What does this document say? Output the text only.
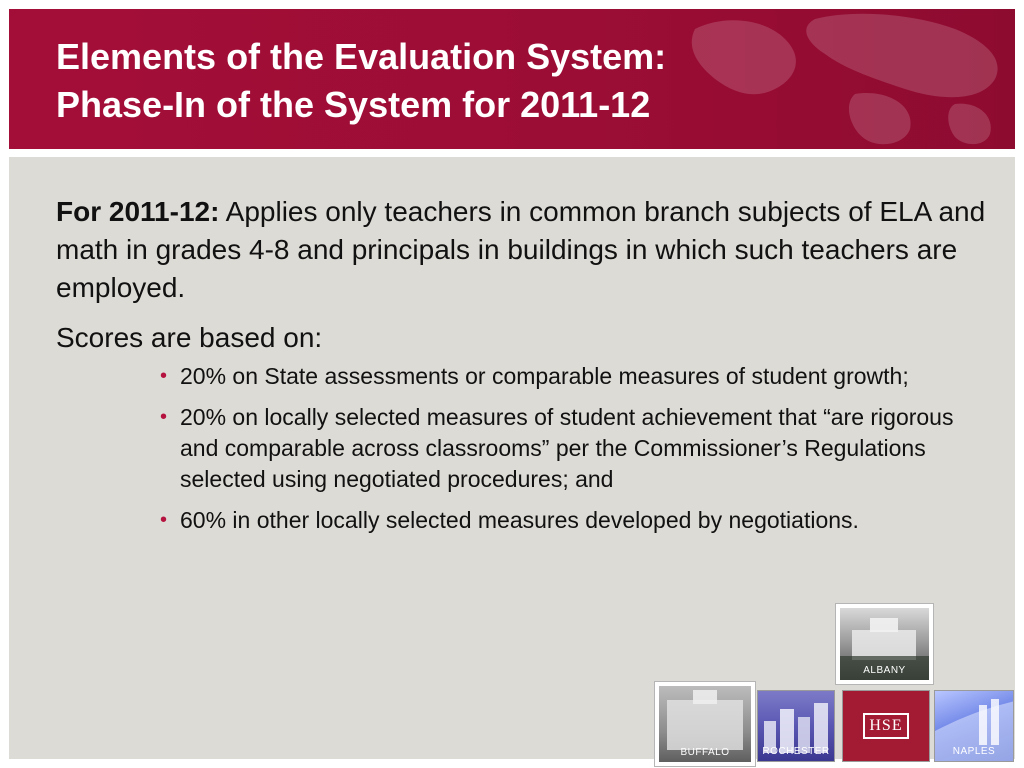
Elements of the Evaluation System:
Phase-In of the System for 2011-12

For 2011-12: Applies only teachers in common branch subjects of ELA and math in grades 4-8 and principals in buildings in which such teachers are employed.

Scores are based on:

• 20% on State assessments or comparable measures of student growth;
• 20% on locally selected measures of student achievement that “are rigorous and comparable across classrooms” per the Commissioner’s Regulations selected using negotiated procedures; and
• 60% in other locally selected measures developed by negotiations.
ALBANY
BUFFALO	ROCHESTER
HSE
NAPLES
